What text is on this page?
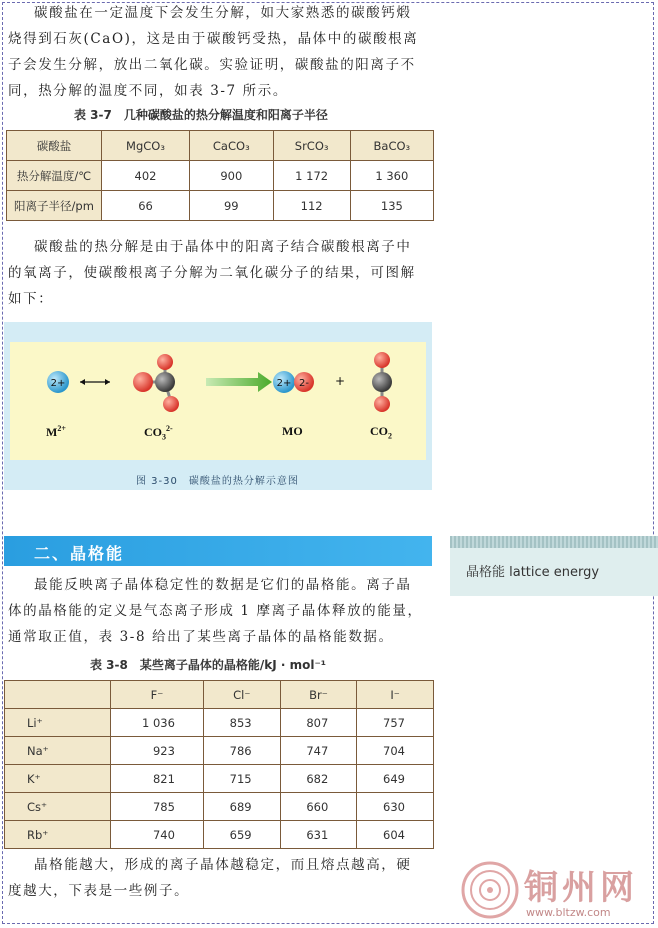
碳酸盐在一定温度下会发生分解，如大家熟悉的碳酸钙煅

烧得到石灰(CaO)，这是由于碳酸钙受热，晶体中的碳酸根离

子会发生分解，放出二氧化碳。实验证明，碳酸盐的阳离子不

同，热分解的温度不同，如表 3-7 所示。

表 3-7　几种碳酸盐的热分解温度和阳离子半径
碳酸盐	MgCO₃	CaCO₃	SrCO₃	BaCO₃
热分解温度/℃	402	900	1 172	1 360
阳离子半径/pm	66	99	112	135

碳酸盐的热分解是由于晶体中的阳离子结合碳酸根离子中

的氧离子，使碳酸根离子分解为二氧化碳分子的结果，可图解

如下：

2+	2+ 2- +
$M^{2+}$	$CO_3^{2-}$	MO	$CO_2$
图 3-30　碳酸盐的热分解示意图
二、晶格能
晶格能 lattice energy

最能反映离子晶体稳定性的数据是它们的晶格能。离子晶

体的晶格能的定义是气态离子形成 1 摩离子晶体释放的能量，

通常取正值，表 3-8 给出了某些离子晶体的晶格能数据。

表 3-8　某些离子晶体的晶格能/kJ · mol⁻¹
	F⁻	Cl⁻	Br⁻	I⁻
Li⁺	1 036	853	807	757
Na⁺	923	786	747	704
K⁺	821	715	682	649
Cs⁺	785	689	660	630
Rb⁺	740	659	631	604

晶格能越大，形成的离子晶体越稳定，而且熔点越高，硬

度越大，下表是一些例子。	铜州网
www.bltzw.com
